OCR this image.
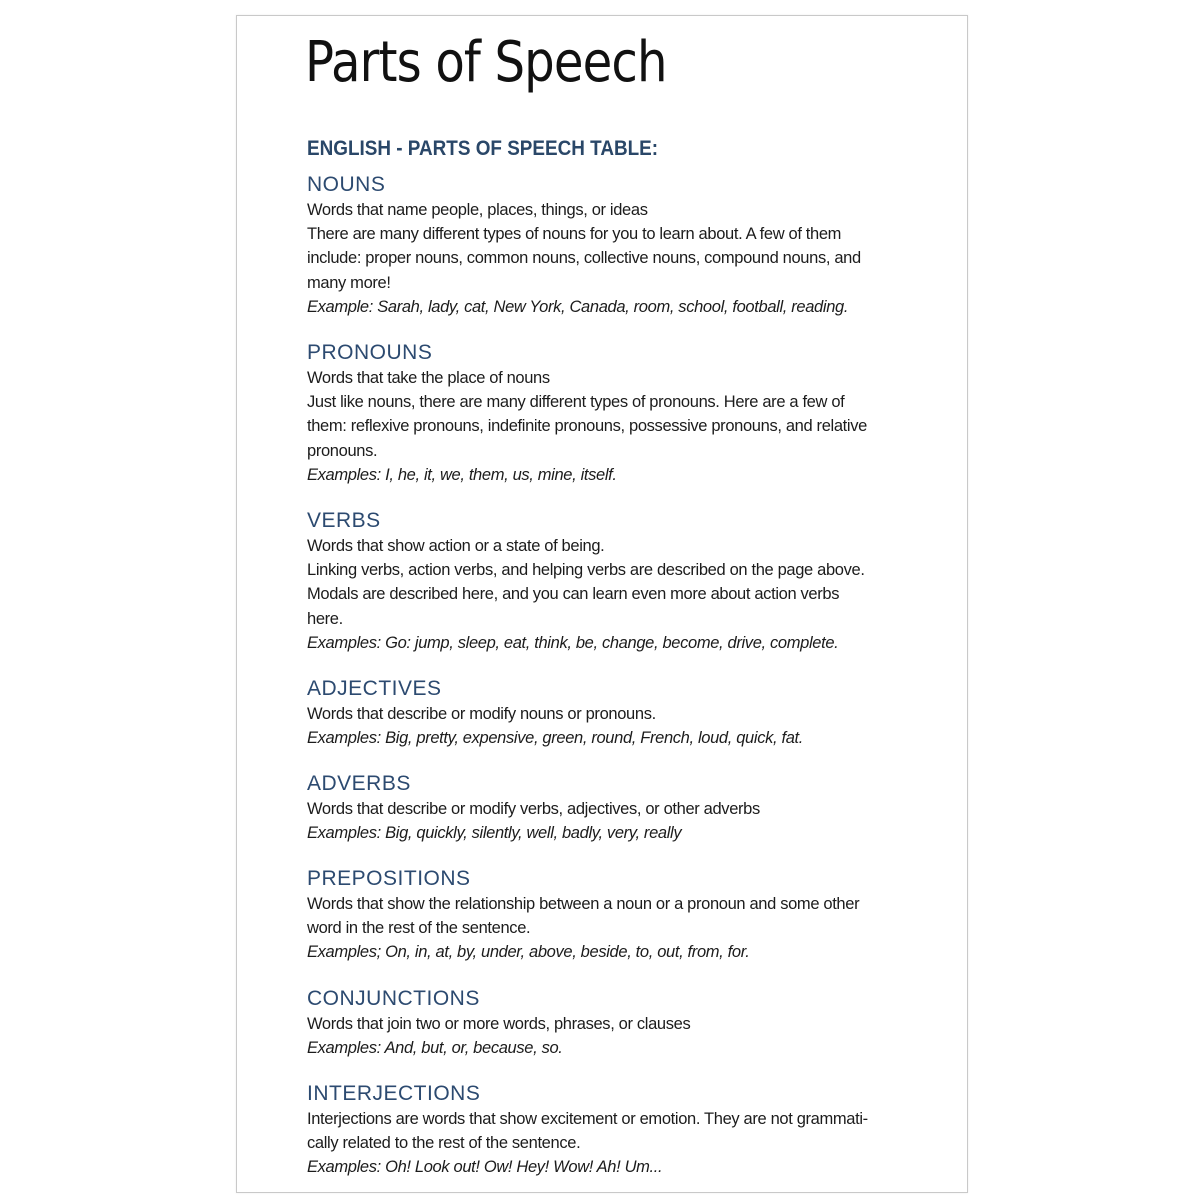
Parts of Speech
ENGLISH - PARTS OF SPEECH TABLE:

NOUNS

Words that name people, places, things, or ideas

There are many different types of nouns for you to learn about. A few of them

include: proper nouns, common nouns, collective nouns, compound nouns, and

many more!

Example: Sarah, lady, cat, New York, Canada, room, school, football, reading.

PRONOUNS

Words that take the place of nouns

Just like nouns, there are many different types of pronouns. Here are a few of

them: reflexive pronouns, indefinite pronouns, possessive pronouns, and relative

pronouns.

Examples: I, he, it, we, them, us, mine, itself.

VERBS

Words that show action or a state of being.

Linking verbs, action verbs, and helping verbs are described on the page above.

Modals are described here, and you can learn even more about action verbs

here.

Examples: Go: jump, sleep, eat, think, be, change, become, drive, complete.

ADJECTIVES

Words that describe or modify nouns or pronouns.

Examples: Big, pretty, expensive, green, round, French, loud, quick, fat.

ADVERBS

Words that describe or modify verbs, adjectives, or other adverbs

Examples: Big, quickly, silently, well, badly, very, really

PREPOSITIONS

Words that show the relationship between a noun or a pronoun and some other

word in the rest of the sentence.

Examples; On, in, at, by, under, above, beside, to, out, from, for.

CONJUNCTIONS

Words that join two or more words, phrases, or clauses

Examples: And, but, or, because, so.

INTERJECTIONS

Interjections are words that show excitement or emotion. They are not grammati-

cally related to the rest of the sentence.

Examples: Oh! Look out! Ow! Hey! Wow! Ah! Um...
